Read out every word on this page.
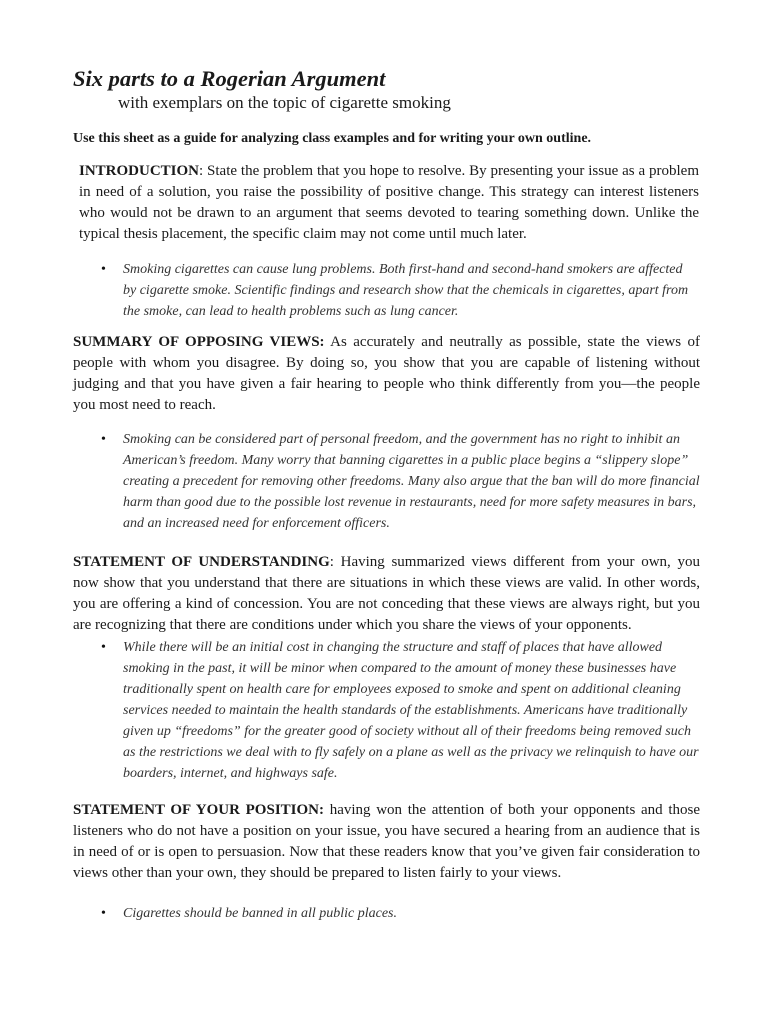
Six parts to a Rogerian Argument
with exemplars on the topic of cigarette smoking
Use this sheet as a guide for analyzing class examples and for writing your own outline.
INTRODUCTION: State the problem that you hope to resolve. By presenting your issue as a problem in need of a solution, you raise the possibility of positive change. This strategy can interest listeners who would not be drawn to an argument that seems devoted to tearing something down. Unlike the typical thesis placement, the specific claim may not come until much later.
• Smoking cigarettes can cause lung problems. Both first-hand and second-hand smokers are affected by cigarette smoke. Scientific findings and research show that the chemicals in cigarettes, apart from the smoke, can lead to health problems such as lung cancer.
SUMMARY OF OPPOSING VIEWS: As accurately and neutrally as possible, state the views of people with whom you disagree. By doing so, you show that you are capable of listening without judging and that you have given a fair hearing to people who think differently from you—the people you most need to reach.
• Smoking can be considered part of personal freedom, and the government has no right to inhibit an American’s freedom. Many worry that banning cigarettes in a public place begins a “slippery slope” creating a precedent for removing other freedoms. Many also argue that the ban will do more financial harm than good due to the possible lost revenue in restaurants, need for more safety measures in bars, and an increased need for enforcement officers.
STATEMENT OF UNDERSTANDING: Having summarized views different from your own, you now show that you understand that there are situations in which these views are valid. In other words, you are offering a kind of concession. You are not conceding that these views are always right, but you are recognizing that there are conditions under which you share the views of your opponents.
• While there will be an initial cost in changing the structure and staff of places that have allowed smoking in the past, it will be minor when compared to the amount of money these businesses have traditionally spent on health care for employees exposed to smoke and spent on additional cleaning services needed to maintain the health standards of the establishments. Americans have traditionally given up “freedoms” for the greater good of society without all of their freedoms being removed such as the restrictions we deal with to fly safely on a plane as well as the privacy we relinquish to have our boarders, internet, and highways safe.
STATEMENT OF YOUR POSITION: having won the attention of both your opponents and those listeners who do not have a position on your issue, you have secured a hearing from an audience that is in need of or is open to persuasion. Now that these readers know that you’ve given fair consideration to views other than your own, they should be prepared to listen fairly to your views.
• Cigarettes should be banned in all public places.
